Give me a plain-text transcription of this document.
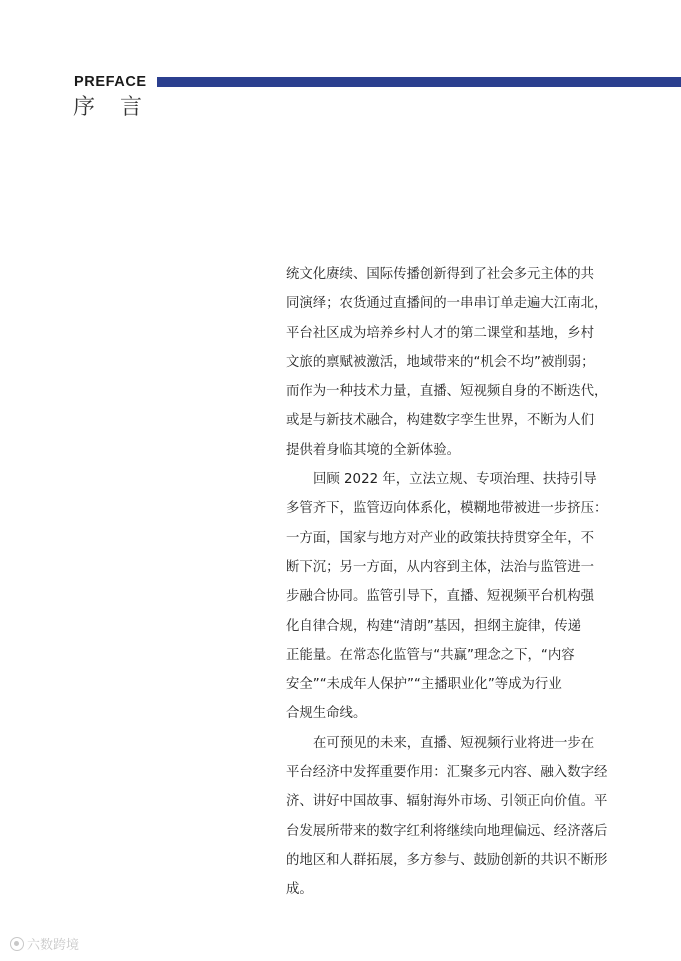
PREFACE
序言
统文化赓续、国际传播创新得到了社会多元主体的共
同演绎；农货通过直播间的一串串订单走遍大江南北，
平台社区成为培养乡村人才的第二课堂和基地，乡村
文旅的禀赋被激活，地域带来的“机会不均”被削弱；
而作为一种技术力量，直播、短视频自身的不断迭代，
或是与新技术融合，构建数字孪生世界，不断为人们
提供着身临其境的全新体验。
回顾 2022 年，立法立规、专项治理、扶持引导
多管齐下，监管迈向体系化，模糊地带被进一步挤压：
一方面，国家与地方对产业的政策扶持贯穿全年，不
断下沉；另一方面，从内容到主体，法治与监管进一
步融合协同。监管引导下，直播、短视频平台机构强
化自律合规，构建“清朗”基因，担纲主旋律，传递
正能量。在常态化监管与“共赢”理念之下，“内容
安全”“未成年人保护”“主播职业化”等成为行业
合规生命线。
在可预见的未来，直播、短视频行业将进一步在
平台经济中发挥重要作用：汇聚多元内容、融入数字经
济、讲好中国故事、辐射海外市场、引领正向价值。平
台发展所带来的数字红利将继续向地理偏远、经济落后
的地区和人群拓展，多方参与、鼓励创新的共识不断形
成。
六数跨境
